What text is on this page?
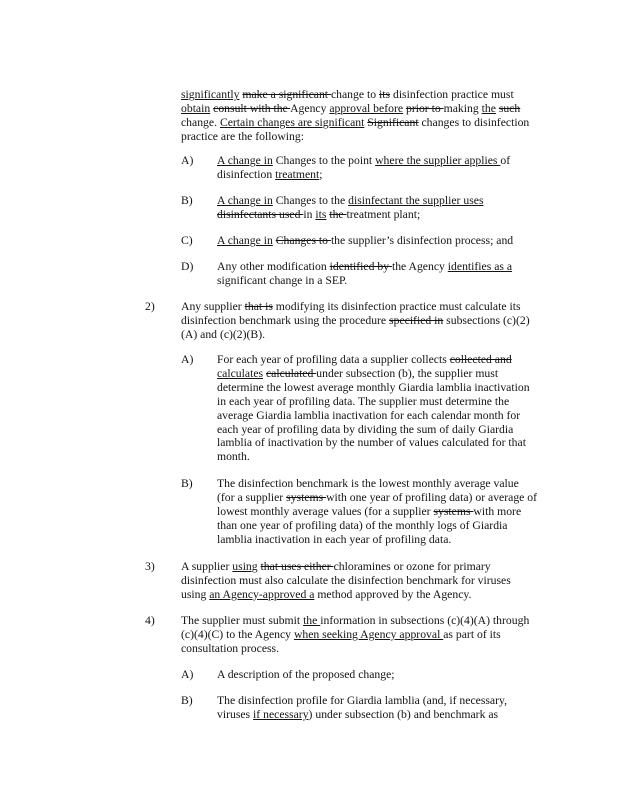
significantly make a significant change to its disinfection practice must obtain consult with the Agency approval before prior to making the such change. Certain changes are significant Significant changes to disinfection practice are the following:

A) A change in Changes to the point where the supplier applies of disinfection treatment;

B) A change in Changes to the disinfectant the supplier uses disinfectants used in its the treatment plant;

C) A change in Changes to the supplier’s disinfection process; and

D) Any other modification identified by the Agency identifies as a significant change in a SEP.

2) Any supplier that is modifying its disinfection practice must calculate its disinfection benchmark using the procedure specified in subsections (c)(2)(A) and (c)(2)(B).

A) For each year of profiling data a supplier collects collected and calculates calculated under subsection (b), the supplier must determine the lowest average monthly Giardia lamblia inactivation in each year of profiling data. The supplier must determine the average Giardia lamblia inactivation for each calendar month for each year of profiling data by dividing the sum of daily Giardia lamblia of inactivation by the number of values calculated for that month.

B) The disinfection benchmark is the lowest monthly average value (for a supplier systems with one year of profiling data) or average of lowest monthly average values (for a supplier systems with more than one year of profiling data) of the monthly logs of Giardia lamblia inactivation in each year of profiling data.

3) A supplier using that uses either chloramines or ozone for primary disinfection must also calculate the disinfection benchmark for viruses using an Agency-approved a method approved by the Agency.

4) The supplier must submit the information in subsections (c)(4)(A) through (c)(4)(C) to the Agency when seeking Agency approval as part of its consultation process.

A) A description of the proposed change;

B) The disinfection profile for Giardia lamblia (and, if necessary, viruses if necessary) under subsection (b) and benchmark as
